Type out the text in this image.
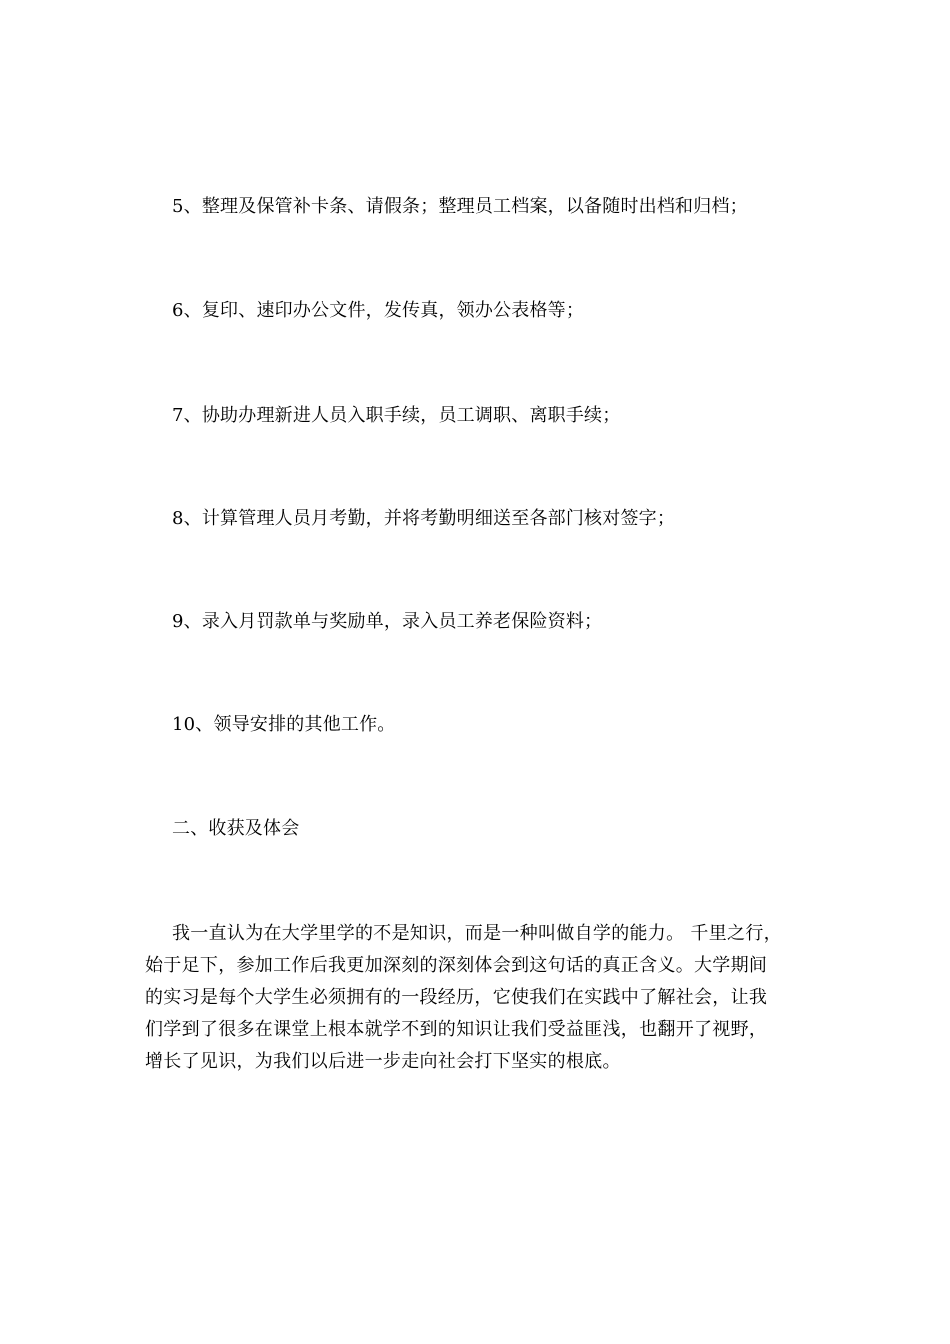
5、整理及保管补卡条、请假条；整理员工档案，以备随时出档和归档；
6、复印、速印办公文件，发传真，领办公表格等；
7、协助办理新进人员入职手续，员工调职、离职手续；
8、计算管理人员月考勤，并将考勤明细送至各部门核对签字；
9、录入月罚款单与奖励单，录入员工养老保险资料；
10、领导安排的其他工作。
二、收获及体会
我一直认为在大学里学的不是知识，而是一种叫做自学的能力。 千里之行，
始于足下，参加工作后我更加深刻的深刻体会到这句话的真正含义。大学期间
的实习是每个大学生必须拥有的一段经历，它使我们在实践中了解社会，让我
们学到了很多在课堂上根本就学不到的知识让我们受益匪浅，也翻开了视野，
增长了见识，为我们以后进一步走向社会打下坚实的根底。
